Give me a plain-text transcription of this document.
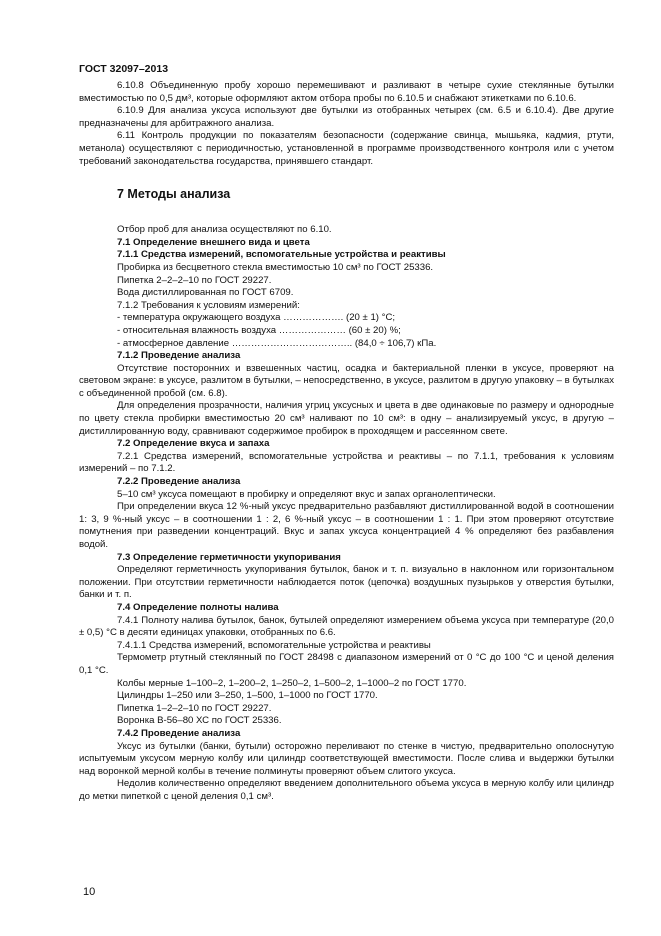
ГОСТ 32097–2013

6.10.8 Объединенную пробу хорошо перемешивают и разливают в четыре сухие стеклянные бутылки вместимостью по 0,5 дм³, которые оформляют актом отбора пробы по 6.10.5 и снабжают этикетками по 6.10.6.

6.10.9 Для анализа уксуса используют две бутылки из отобранных четырех (см. 6.5 и 6.10.4). Две другие предназначены для арбитражного анализа.

6.11 Контроль продукции по показателям безопасности (содержание свинца, мышьяка, кадмия, ртути, метанола) осуществляют с периодичностью, установленной в программе производственного контроля или с учетом требований законодательства государства, принявшего стандарт.

7 Методы анализа

Отбор проб для анализа осуществляют по 6.10.

7.1 Определение внешнего вида и цвета

7.1.1 Средства измерений, вспомогательные устройства и реактивы

Пробирка из бесцветного стекла вместимостью 10 см³ по ГОСТ 25336.

Пипетка 2–2–2–10 по ГОСТ 29227.

Вода дистиллированная по ГОСТ 6709.

7.1.2 Требования к условиям измерений:

- температура окружающего воздуха ………………. (20 ± 1) °С;

- относительная влажность воздуха ………………… (60 ± 20) %;

- атмосферное давление ……………………………….. (84,0 ÷ 106,7) кПа.

7.1.2 Проведение анализа

Отсутствие посторонних и взвешенных частиц, осадка и бактериальной пленки в уксусе, проверяют на световом экране: в уксусе, разлитом в бутылки, – непосредственно, в уксусе, разлитом в другую упаковку – в бутылках с объединенной пробой (см. 6.8).

Для определения прозрачности, наличия угриц уксусных и цвета в две одинаковые по размеру и однородные по цвету стекла пробирки вместимостью 20 см³ наливают по 10 см³: в одну – анализируемый уксус, в другую – дистиллированную воду, сравнивают содержимое пробирок в проходящем и рассеянном свете.

7.2 Определение вкуса и запаха

7.2.1 Средства измерений, вспомогательные устройства и реактивы – по 7.1.1, требования к условиям измерений – по 7.1.2.

7.2.2 Проведение анализа

5–10 см³ уксуса помещают в пробирку и определяют вкус и запах органолептически.

При определении вкуса 12 %-ный уксус предварительно разбавляют дистиллированной водой в соотношении 1: 3, 9 %-ный уксус – в соотношении 1 : 2, 6 %-ный уксус – в соотношении 1 : 1. При этом проверяют отсутствие помутнения при разведении концентраций. Вкус и запах уксуса концентрацией 4 % определяют без разбавления водой.

7.3 Определение герметичности укупоривания

Определяют герметичность укупоривания бутылок, банок и т. п. визуально в наклонном или горизонтальном положении. При отсутствии герметичности наблюдается поток (цепочка) воздушных пузырьков у отверстия бутылки, банки и т. п.

7.4 Определение полноты налива

7.4.1 Полноту налива бутылок, банок, бутылей определяют измерением объема уксуса при температуре (20,0 ± 0,5) °С в десяти единицах упаковки, отобранных по 6.6.

7.4.1.1 Средства измерений, вспомогательные устройства и реактивы

Термометр ртутный стеклянный по ГОСТ 28498 с диапазоном измерений от 0 °С до 100 °С и ценой деления 0,1 °С.

Колбы мерные 1–100–2, 1–200–2, 1–250–2, 1–500–2, 1–1000–2 по ГОСТ 1770.

Цилиндры 1–250 или 3–250, 1–500, 1–1000 по ГОСТ 1770.

Пипетка 1–2–2–10 по ГОСТ 29227.

Воронка В-56–80 ХС по ГОСТ 25336.

7.4.2 Проведение анализа

Уксус из бутылки (банки, бутыли) осторожно переливают по стенке в чистую, предварительно ополоснутую испытуемым уксусом мерную колбу или цилиндр соответствующей вместимости. После слива и выдержки бутылки над воронкой мерной колбы в течение полминуты проверяют объем слитого уксуса.

Недолив количественно определяют введением дополнительного объема уксуса в мерную колбу или цилиндр до метки пипеткой с ценой деления 0,1 см³.

10
